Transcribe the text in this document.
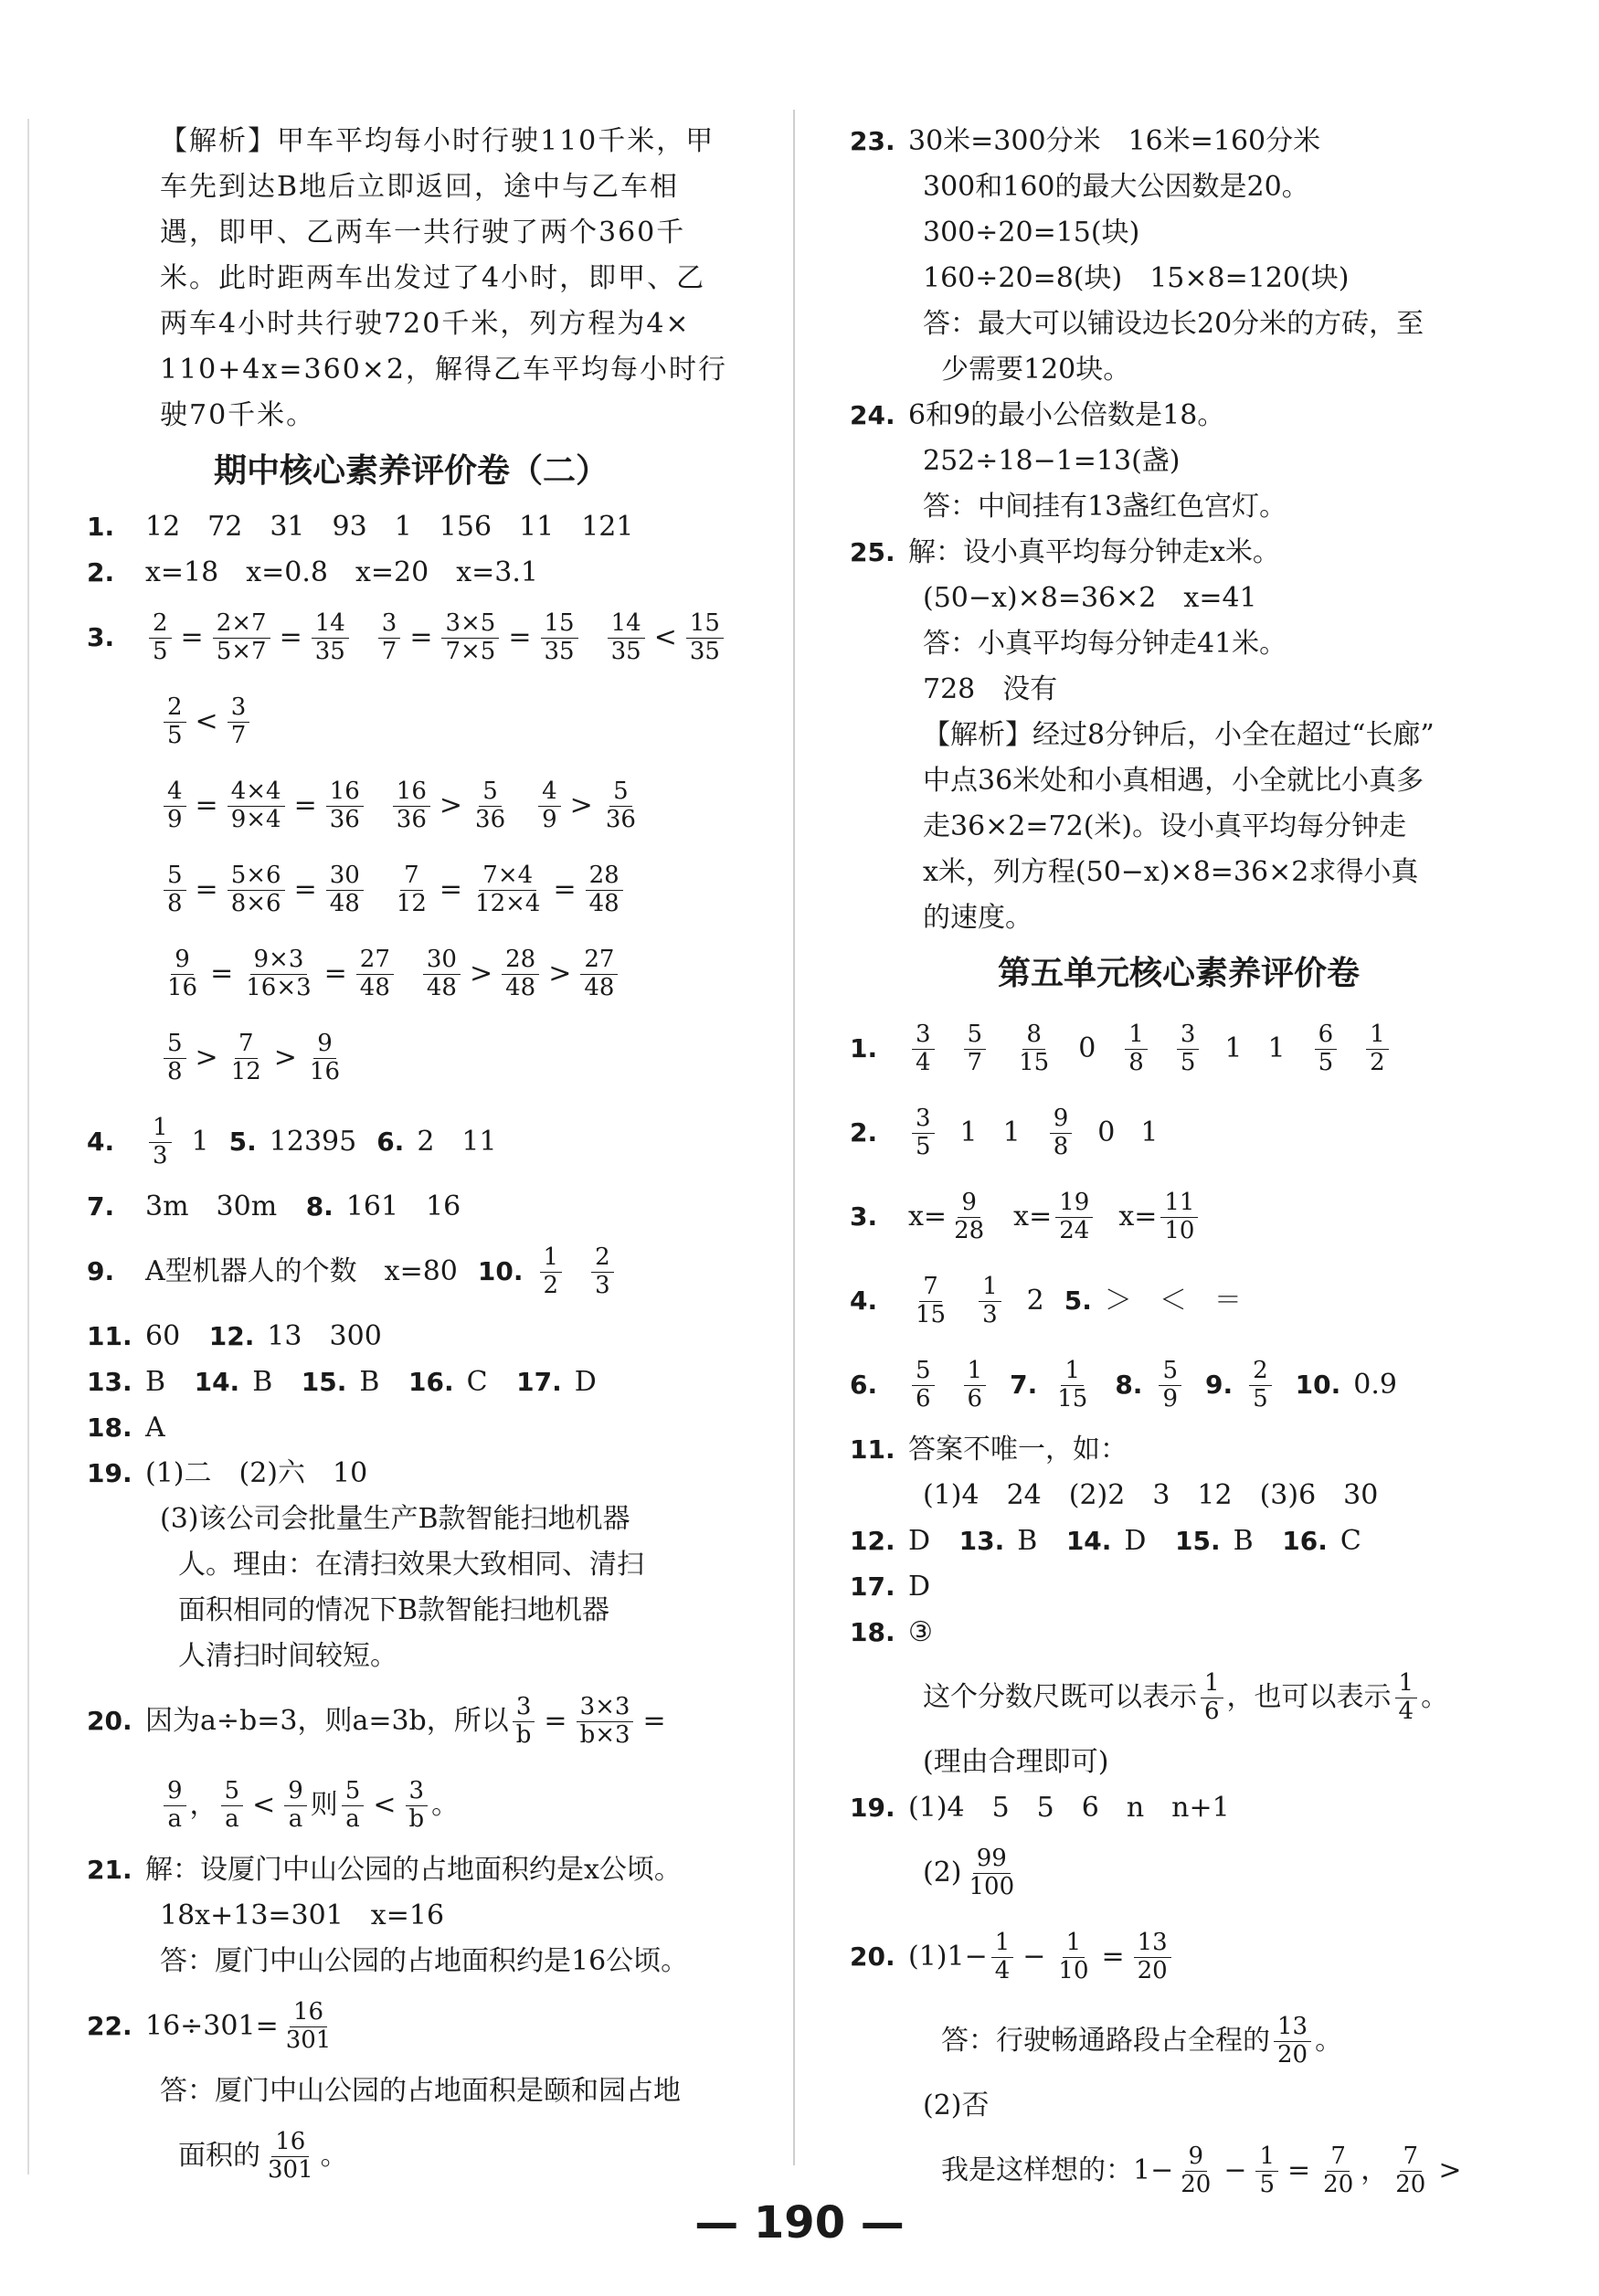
【解析】甲车平均每小时行驶110千米，甲
车先到达B地后立即返回，途中与乙车相
遇，即甲、乙两车一共行驶了两个360千
米。此时距两车出发过了4小时，即甲、乙
两车4小时共行驶720千米，列方程为4×
110+4x=360×2，解得乙车平均每小时行
驶70千米。
期中核心素养评价卷（二）
1. 12　72　31　93　1　156　11　121
2. x=18　x=0.8　x=20　x=3.1
3.	$\frac{2}{5} = \frac{2\times 7}{5\times 7} = \frac{14}{35} \frac{3}{7} = \frac{3\times 5}{7\times 5} = \frac{15}{35} \frac{14}{35} < \frac{15}{35}$
$\frac{2}{5} < \frac{3}{7}$
$\frac{4}{9} = \frac{4\times 4}{9\times 4} = \frac{16}{36} \frac{16}{36} > \frac{5}{36} \frac{4}{9} > \frac{5}{36}$
$\frac{5}{8} = \frac{5\times 6}{8\times 6} = \frac{30}{48} \frac{7}{12} = \frac{7\times 4}{12\times 4} = \frac{28}{48}$
$\frac{9}{16} = \frac{9\times 3}{16\times 3} = \frac{27}{48} \frac{30}{48} > \frac{28}{48} > \frac{27}{48}$
$\frac{5}{8} > \frac{7}{12} > \frac{9}{16}$
4.	$\frac{1}{3} 1$ 5. 12395 6. 2　11
7. 3m　30m 8. 161　16
9.	A型机器人的个数　x=80 10. $\frac{1}{2} \frac{2}{3}$
11. 60 12. 13　300
13. B 14. B 15. B 16. C 17. D
18. A
19. (1)二　(2)六　10
(3)该公司会批量生产B款智能扫地机器
人。理由：在清扫效果大致相同、清扫
面积相同的情况下B款智能扫地机器
人清扫时间较短。
20. 因为a÷b=3，则a=3b，所以 $\frac{3}{b} = \frac{3\times 3}{b\times 3}$ =
$\frac{9}{a}$ ， $\frac{5}{a} < \frac{9}{a}$ 则 $\frac{5}{a} < \frac{3}{b}$ 。
21. 解：设厦门中山公园的占地面积约是x公顷。
18x+13=301　x=16
答：厦门中山公园的占地面积约是16公顷。
22. $16\div 301= \frac{16}{301}$
答：厦门中山公园的占地面积是颐和园占地
面积的 $\frac{16}{301}$ 。
23. 30米=300分米　16米=160分米
300和160的最大公因数是20。
300÷20=15(块)
160÷20=8(块)　15×8=120(块)
答：最大可以铺设边长20分米的方砖，至
少需要120块。
24. 6和9的最小公倍数是18。
252÷18−1=13(盏)
答：中间挂有13盏红色宫灯。
25. 解：设小真平均每分钟走x米。
(50−x)×8=36×2　x=41
答：小真平均每分钟走41米。
728　没有
【解析】经过8分钟后，小全在超过“长廊”
中点36米处和小真相遇，小全就比小真多
走36×2=72(米)。设小真平均每分钟走
x米，列方程(50−x)×8=36×2求得小真
的速度。
第五单元核心素养评价卷
1.	$\frac{3}{4} \frac{5}{7} \frac{8}{15} 0 \frac{1}{8} \frac{3}{5} 1$ $1 \frac{6}{5} \frac{1}{2}$
2.	$\frac{3}{5} 1$ $1 \frac{9}{8} 0$ 1
3.	$x= \frac{9}{28} x= \frac{19}{24} x= \frac{11}{10}$
4.	$\frac{7}{15} \frac{1}{3} 2$ 5. ＞　＜　＝
6.	$\frac{5}{6} \frac{1}{6} 7$. $\frac{1}{15} 8$. $\frac{5}{9} 9$. $\frac{2}{5} 10$. 0.9
11. 答案不唯一，如：
(1)4　24　(2)2　3　12　(3)6　30
12. D 13. B 14. D 15. B 16. C
17. D
18. ③
这个分数尺既可以表示 $\frac{1}{6}$ ，也可以表示 $\frac{1}{4}$ 。
(理由合理即可)
19. (1)4　5　5　6　n　n+1
$(2) \frac{99}{100}$
20. $(1)1- \frac{1}{4} - \frac{1}{10} = \frac{13}{20}$
答：行驶畅通路段占全程的 $\frac{13}{20}$ 。
(2)否
我是这样想的：$1- \frac{9}{20} - \frac{1}{5} = \frac{7}{20}$ ， $\frac{7}{20}$ >
— 190 —
